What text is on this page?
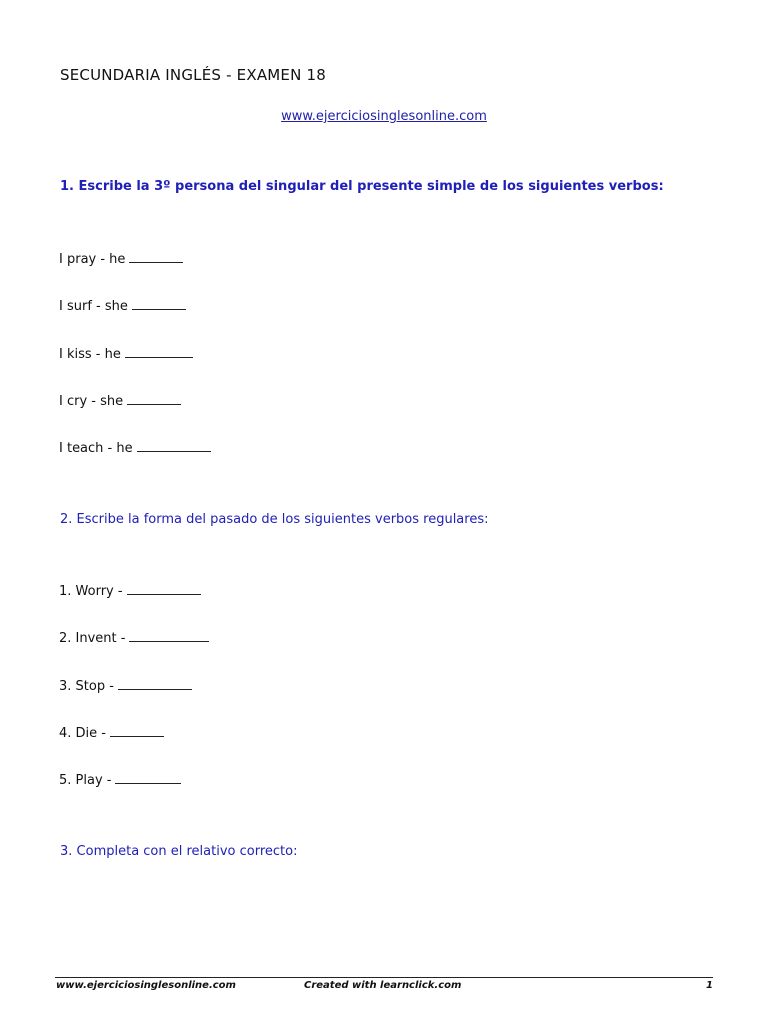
SECUNDARIA INGLÉS - EXAMEN 18
www.ejerciciosinglesonline.com
1. Escribe la 3º persona del singular del presente simple de los siguientes verbos:
I pray - he
I surf - she
I kiss - he
I cry - she
I teach - he
2. Escribe la forma del pasado de los siguientes verbos regulares:
1. Worry -
2. Invent -
3. Stop -
4. Die -
5. Play -
3. Completa con el relativo correcto:
www.ejerciciosinglesonline.com	Created with learnclick.com	1
